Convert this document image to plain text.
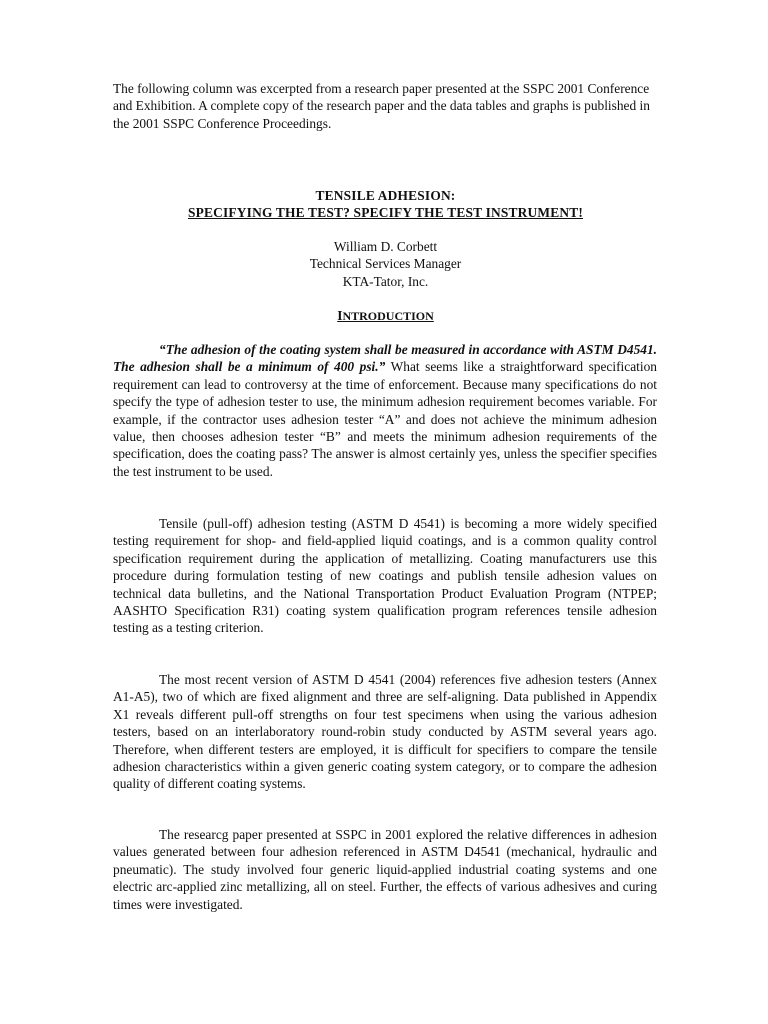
The following column was excerpted from a research paper presented at the SSPC 2001 Conference and Exhibition. A complete copy of the research paper and the data tables and graphs is published in the 2001 SSPC Conference Proceedings.
TENSILE ADHESION:
SPECIFYING THE TEST? SPECIFY THE TEST INSTRUMENT!
William D. Corbett
Technical Services Manager
KTA-Tator, Inc.
INTRODUCTION
“The adhesion of the coating system shall be measured in accordance with ASTM D4541. The adhesion shall be a minimum of 400 psi.” What seems like a straightforward specification requirement can lead to controversy at the time of enforcement. Because many specifications do not specify the type of adhesion tester to use, the minimum adhesion requirement becomes variable. For example, if the contractor uses adhesion tester “A” and does not achieve the minimum adhesion value, then chooses adhesion tester “B” and meets the minimum adhesion requirements of the specification, does the coating pass? The answer is almost certainly yes, unless the specifier specifies the test instrument to be used.
Tensile (pull-off) adhesion testing (ASTM D 4541) is becoming a more widely specified testing requirement for shop- and field-applied liquid coatings, and is a common quality control specification requirement during the application of metallizing. Coating manufacturers use this procedure during formulation testing of new coatings and publish tensile adhesion values on technical data bulletins, and the National Transportation Product Evaluation Program (NTPEP; AASHTO Specification R31) coating system qualification program references tensile adhesion testing as a testing criterion.
The most recent version of ASTM D 4541 (2004) references five adhesion testers (Annex A1-A5), two of which are fixed alignment and three are self-aligning. Data published in Appendix X1 reveals different pull-off strengths on four test specimens when using the various adhesion testers, based on an interlaboratory round-robin study conducted by ASTM several years ago. Therefore, when different testers are employed, it is difficult for specifiers to compare the tensile adhesion characteristics within a given generic coating system category, or to compare the adhesion quality of different coating systems.
The researcg paper presented at SSPC in 2001 explored the relative differences in adhesion values generated between four adhesion referenced in ASTM D4541 (mechanical, hydraulic and pneumatic). The study involved four generic liquid-applied industrial coating systems and one electric arc-applied zinc metallizing, all on steel. Further, the effects of various adhesives and curing times were investigated.
